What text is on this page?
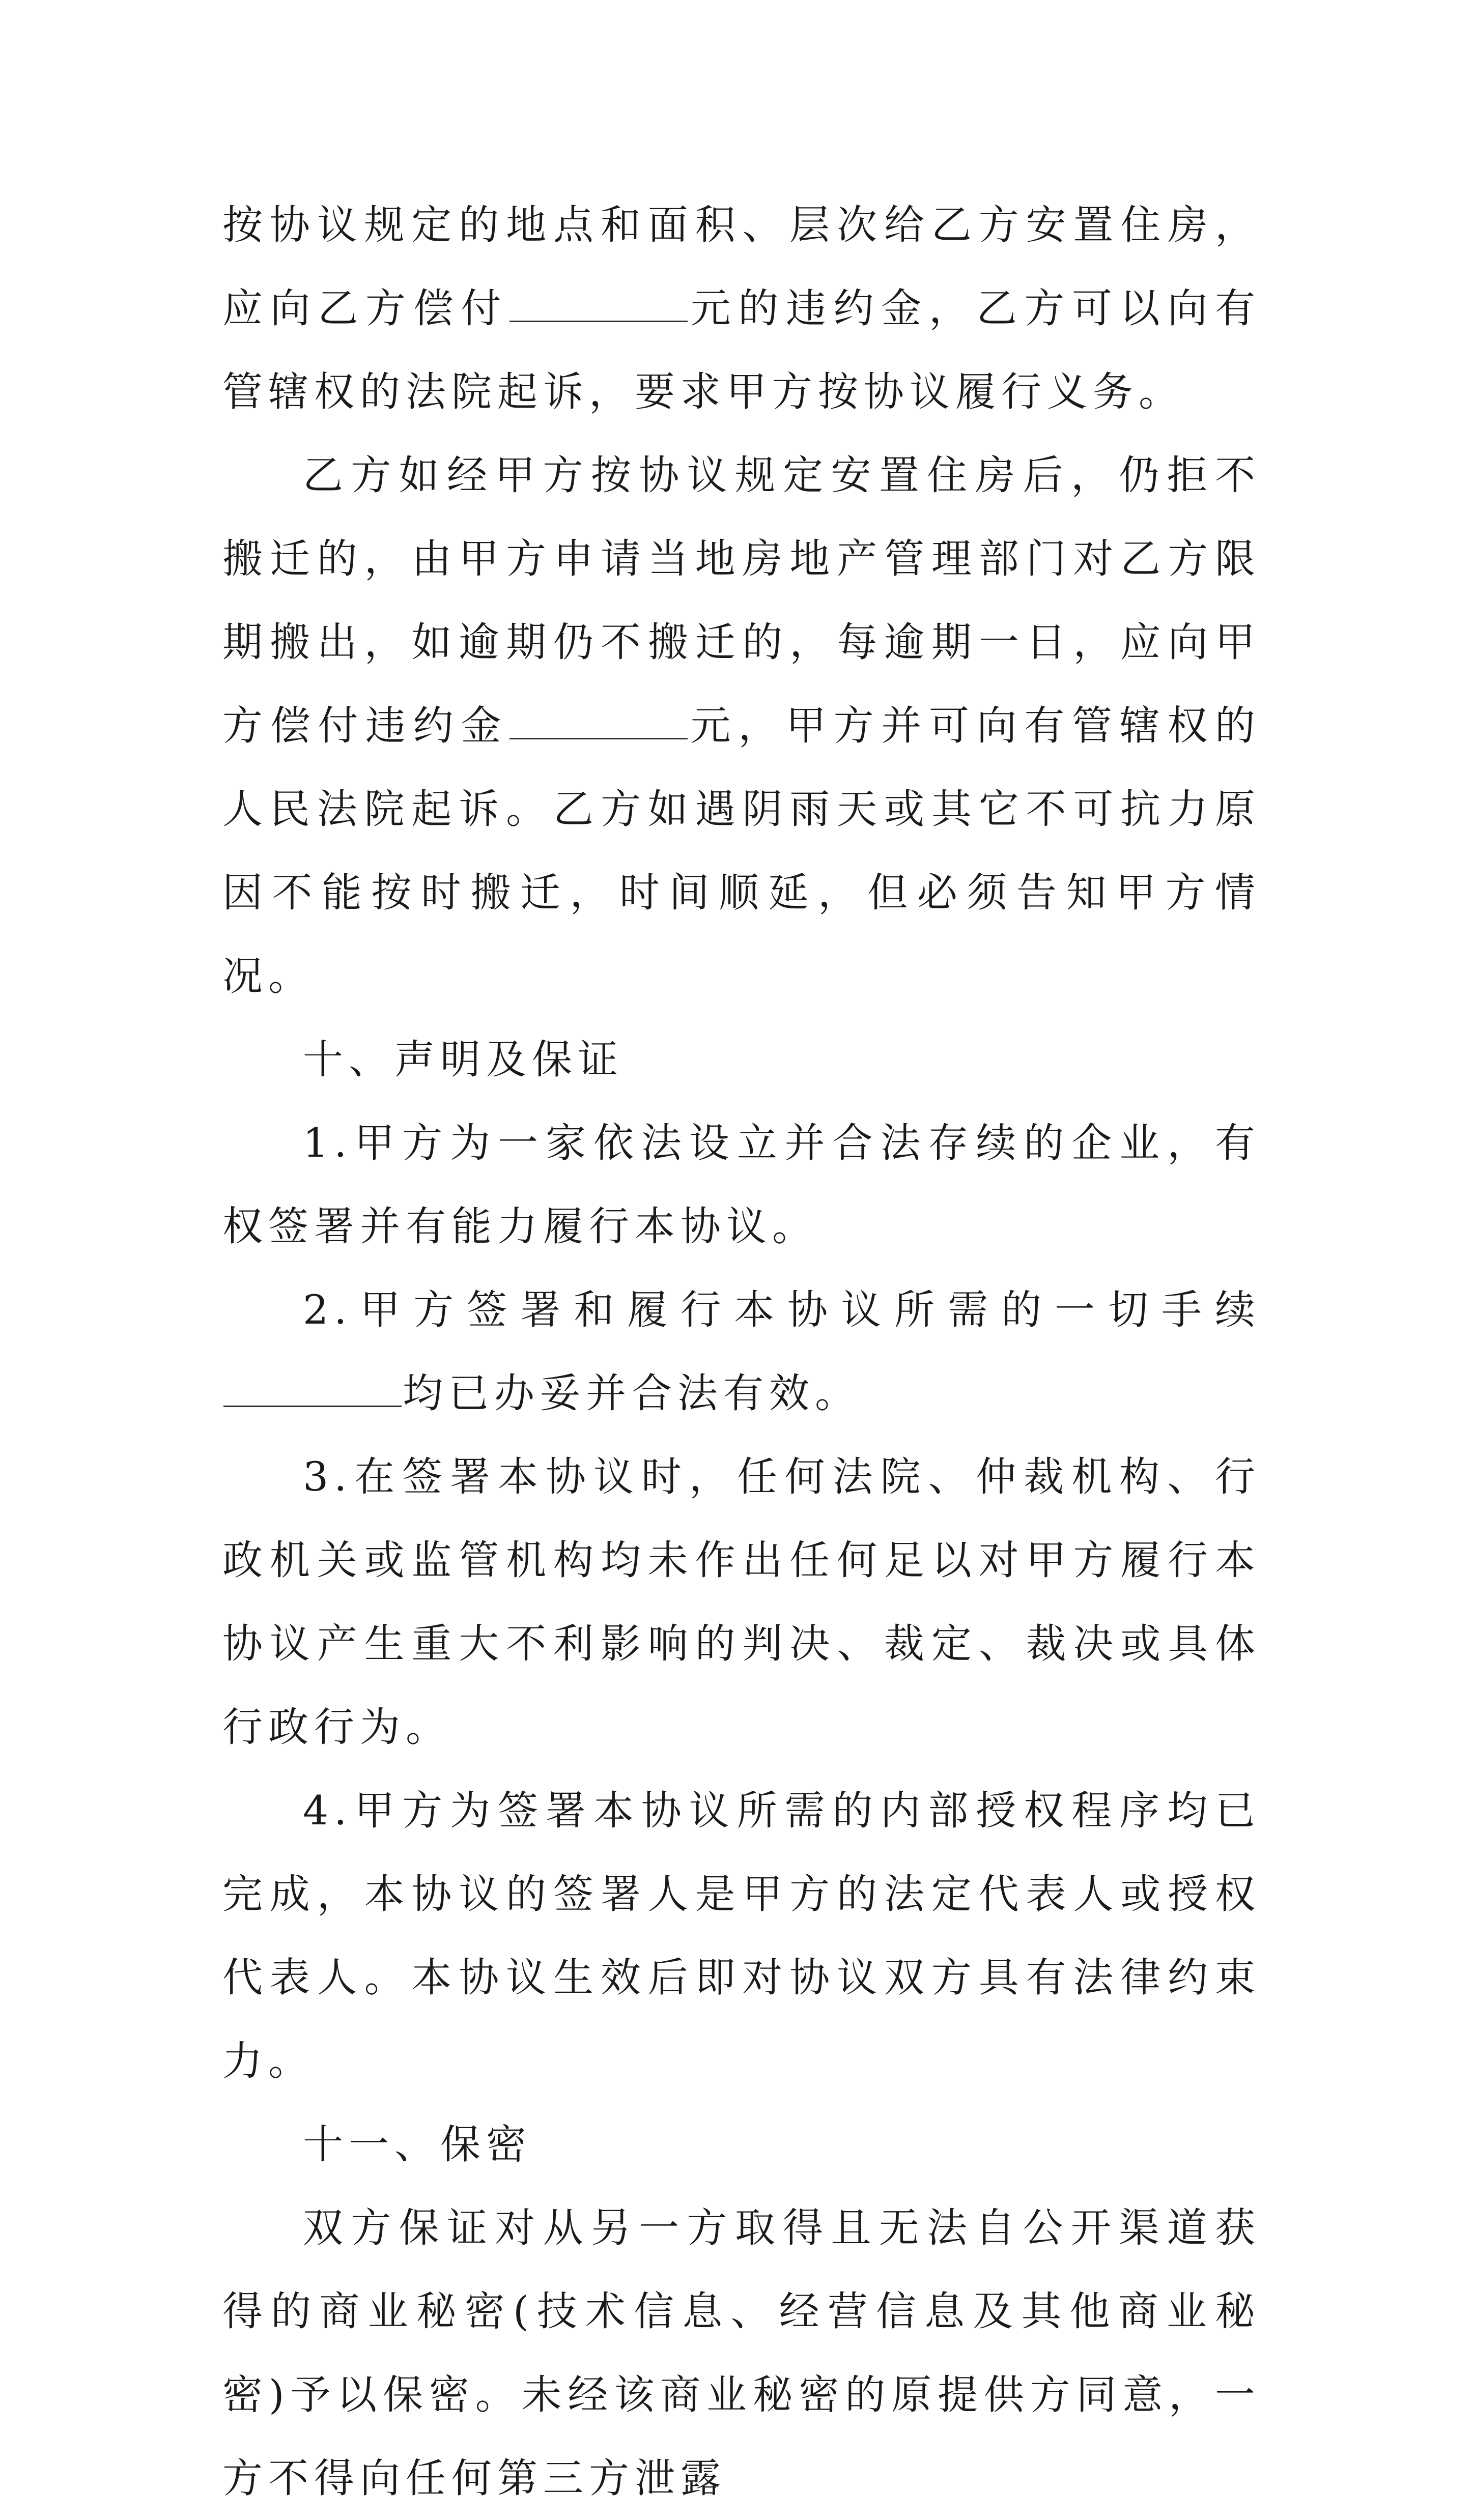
按协议规定的地点和面积、层次给乙方安置住房，应向乙方偿付	元的违约金，乙方可以向有管辖权的法院起诉，要求甲方按协议履行义务。

乙方如经甲方按协议规定安置住房后，仍拒不搬迁的，由甲方申请当地房地产管理部门对乙方限期搬出，如逾期仍不搬迁的，每逾期一日，应向甲方偿付违约金	元，甲方并可向有管辖权的人民法院起诉。乙方如遇阴雨天或其它不可抗力原因不能按时搬迁，时间顺延，但必须告知甲方情况。

十、声明及保证

1.甲方为一家依法设立并合法存续的企业，有权签署并有能力履行本协议。

2.甲方签署和履行本协议所需的一切手续均已办妥并合法有效。

3.在签署本协议时，任何法院、仲裁机构、行政机关或监管机构均未作出任何足以对甲方履行本协议产生重大不利影响的判决、裁定、裁决或具体行政行为。

4.甲方为签署本协议所需的内部授权程序均已完成，本协议的签署人是甲方的法定代表人或授权代表人。本协议生效后即对协议双方具有法律约束力。

十一、保密

双方保证对从另一方取得且无法自公开渠道获得的商业秘密(技术信息、经营信息及其他商业秘密)予以保密。未经该商业秘密的原提供方同意，一方不得向任何第三方泄露
